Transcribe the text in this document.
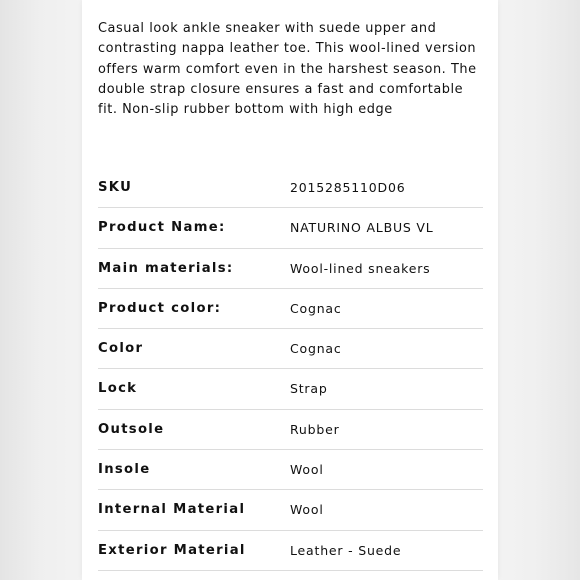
Casual look ankle sneaker with suede upper and contrasting nappa leather toe. This wool-lined version offers warm comfort even in the harshest season. The double strap closure ensures a fast and comfortable fit. Non-slip rubber bottom with high edge

SKU	2015285110D06
Product Name:	NATURINO ALBUS VL
Main materials:	Wool-lined sneakers
Product color:	Cognac
Color	Cognac
Lock	Strap
Outsole	Rubber
Insole	Wool
Internal Material	Wool
Exterior Material	Leather - Suede
